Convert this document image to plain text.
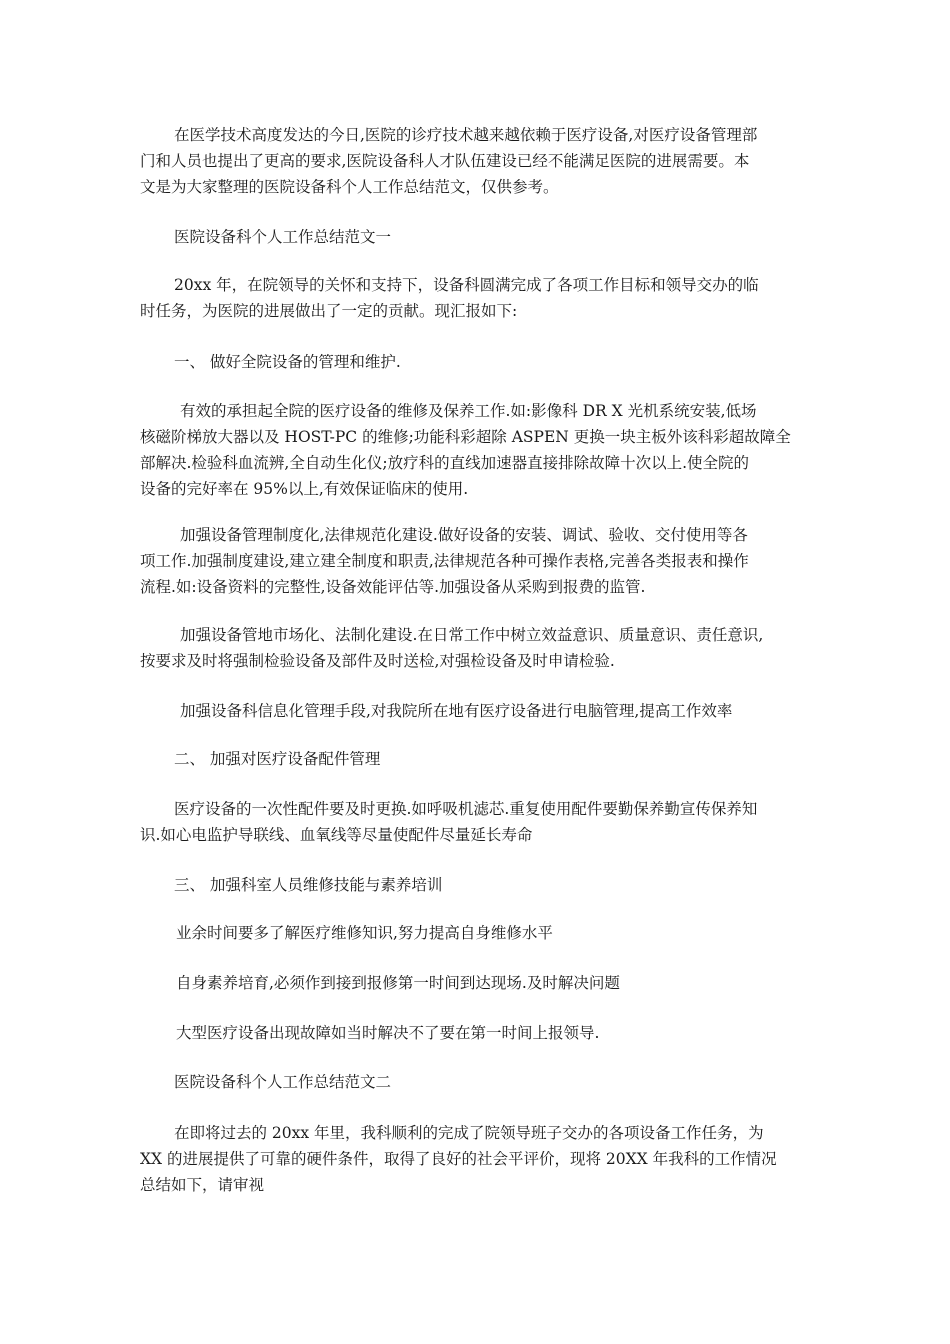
在医学技术高度发达的今日,医院的诊疗技术越来越依赖于医疗设备,对医疗设备管理部
门和人员也提出了更高的要求,医院设备科人才队伍建设已经不能满足医院的进展需要。本
文是为大家整理的医院设备科个人工作总结范文，仅供参考。
医院设备科个人工作总结范文一
20xx 年，在院领导的关怀和支持下，设备科圆满完成了各项工作目标和领导交办的临
时任务，为医院的进展做出了一定的贡献。现汇报如下:
一、 做好全院设备的管理和维护.
有效的承担起全院的医疗设备的维修及保养工作.如:影像科 DR X 光机系统安装,低场
核磁阶梯放大器以及 HOST-PC 的维修;功能科彩超除 ASPEN 更换一块主板外该科彩超故障全
部解决.检验科血流辨,全自动生化仪;放疗科的直线加速器直接排除故障十次以上.使全院的
设备的完好率在 95%以上,有效保证临床的使用.
加强设备管理制度化,法律规范化建设.做好设备的安装、调试、验收、交付使用等各
项工作.加强制度建设,建立建全制度和职责,法律规范各种可操作表格,完善各类报表和操作
流程.如:设备资料的完整性,设备效能评估等.加强设备从采购到报费的监管.
加强设备管地市场化、法制化建设.在日常工作中树立效益意识、质量意识、责任意识,
按要求及时将强制检验设备及部件及时送检,对强检设备及时申请检验.
加强设备科信息化管理手段,对我院所在地有医疗设备进行电脑管理,提高工作效率
二、 加强对医疗设备配件管理
医疗设备的一次性配件要及时更换.如呼吸机滤芯.重复使用配件要勤保养勤宣传保养知
识.如心电监护导联线、血氧线等尽量使配件尽量延长寿命
三、 加强科室人员维修技能与素养培训
业余时间要多了解医疗维修知识,努力提高自身维修水平
自身素养培育,必须作到接到报修第一时间到达现场.及时解决问题
大型医疗设备出现故障如当时解决不了要在第一时间上报领导.
医院设备科个人工作总结范文二
在即将过去的 20xx 年里，我科顺利的完成了院领导班子交办的各项设备工作任务，为
XX 的进展提供了可靠的硬件条件，取得了良好的社会平评价，现将 20XX 年我科的工作情况
总结如下，请审视
